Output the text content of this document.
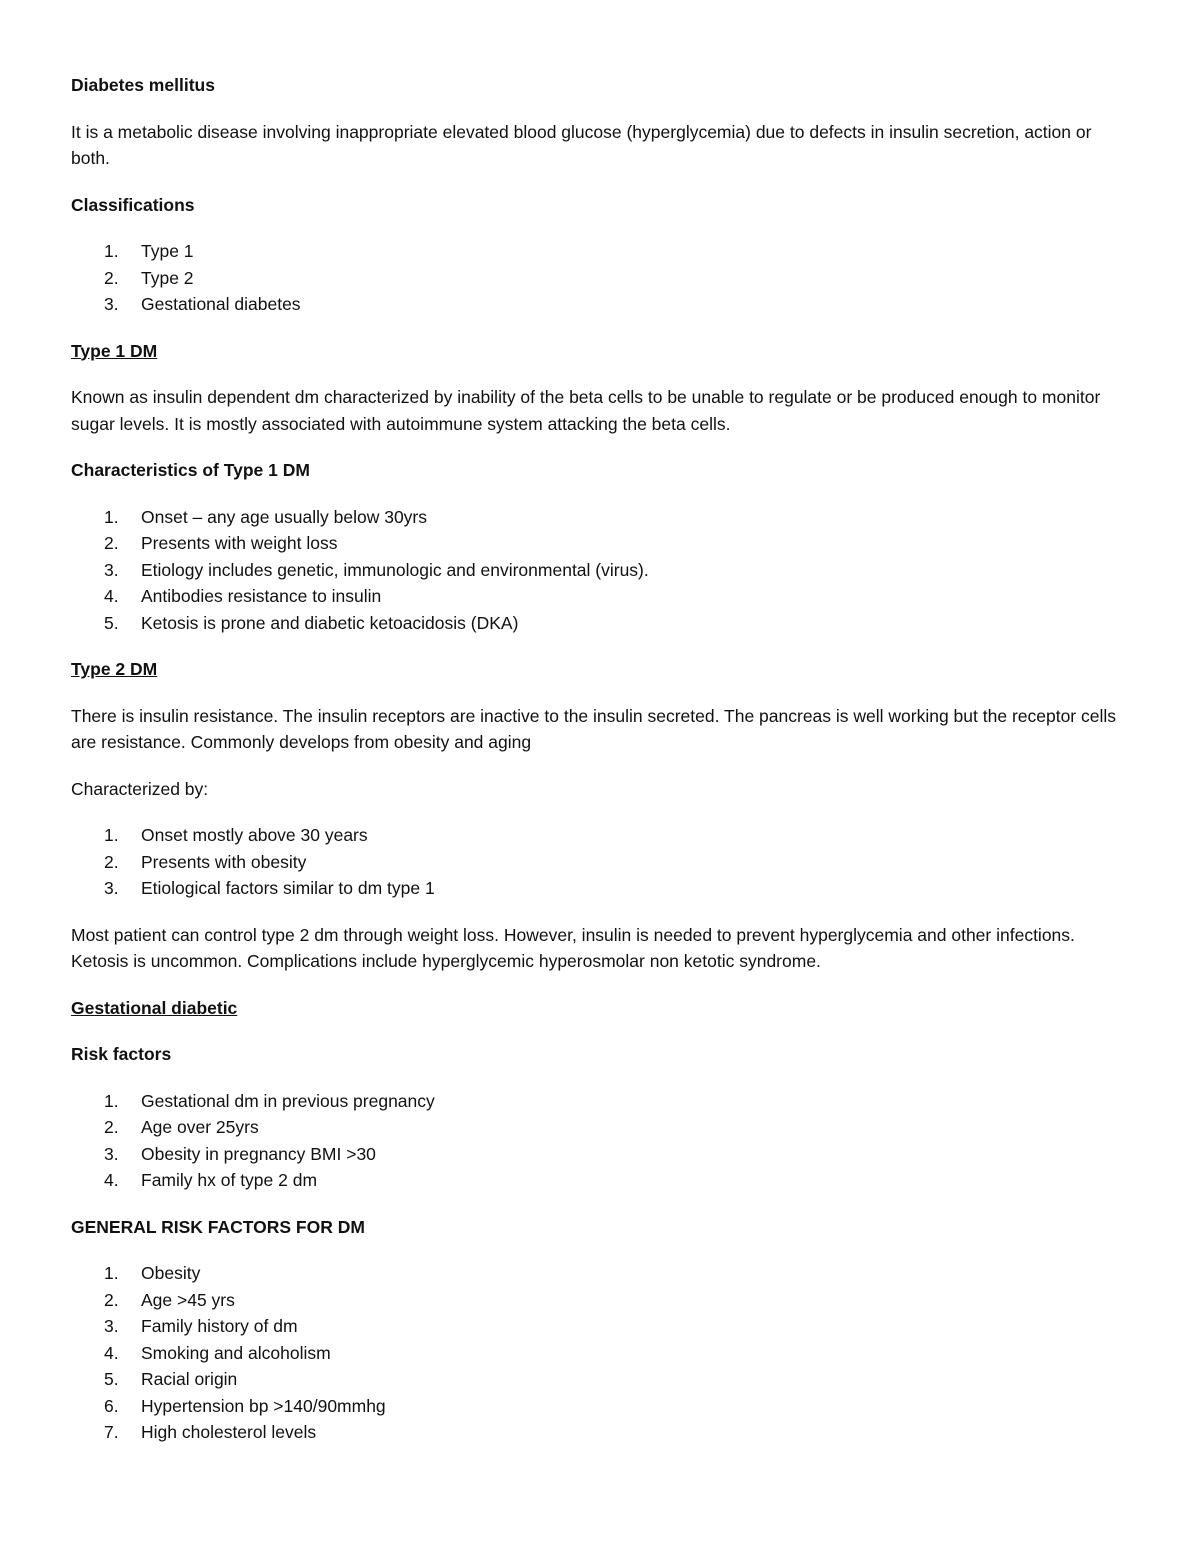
Diabetes mellitus

It is a metabolic disease involving inappropriate elevated blood glucose (hyperglycemia) due to defects in insulin secretion, action or both.

Classifications

1.	Type 1
2.	Type 2
3.	Gestational diabetes

Type 1 DM

Known as insulin dependent dm characterized by inability of the beta cells to be unable to regulate or be produced enough to monitor sugar levels. It is mostly associated with autoimmune system attacking the beta cells.

Characteristics of Type 1 DM

1.	Onset – any age usually below 30yrs
2.	Presents with weight loss
3.	Etiology includes genetic, immunologic and environmental (virus).
4.	Antibodies resistance to insulin
5.	Ketosis is prone and diabetic ketoacidosis (DKA)

Type 2 DM

There is insulin resistance. The insulin receptors are inactive to the insulin secreted. The pancreas is well working but the receptor cells are resistance. Commonly develops from obesity and aging

Characterized by:

1.	Onset mostly above 30 years
2.	Presents with obesity
3.	Etiological factors similar to dm type 1

Most patient can control type 2 dm through weight loss. However, insulin is needed to prevent hyperglycemia and other infections. Ketosis is uncommon. Complications include hyperglycemic hyperosmolar non ketotic syndrome.

Gestational diabetic

Risk factors

1.	Gestational dm in previous pregnancy
2.	Age over 25yrs
3.	Obesity in pregnancy BMI >30
4.	Family hx of type 2 dm

GENERAL RISK FACTORS FOR DM

1.	Obesity
2.	Age >45 yrs
3.	Family history of dm
4.	Smoking and alcoholism
5.	Racial origin
6.	Hypertension bp >140/90mmhg
7.	High cholesterol levels
